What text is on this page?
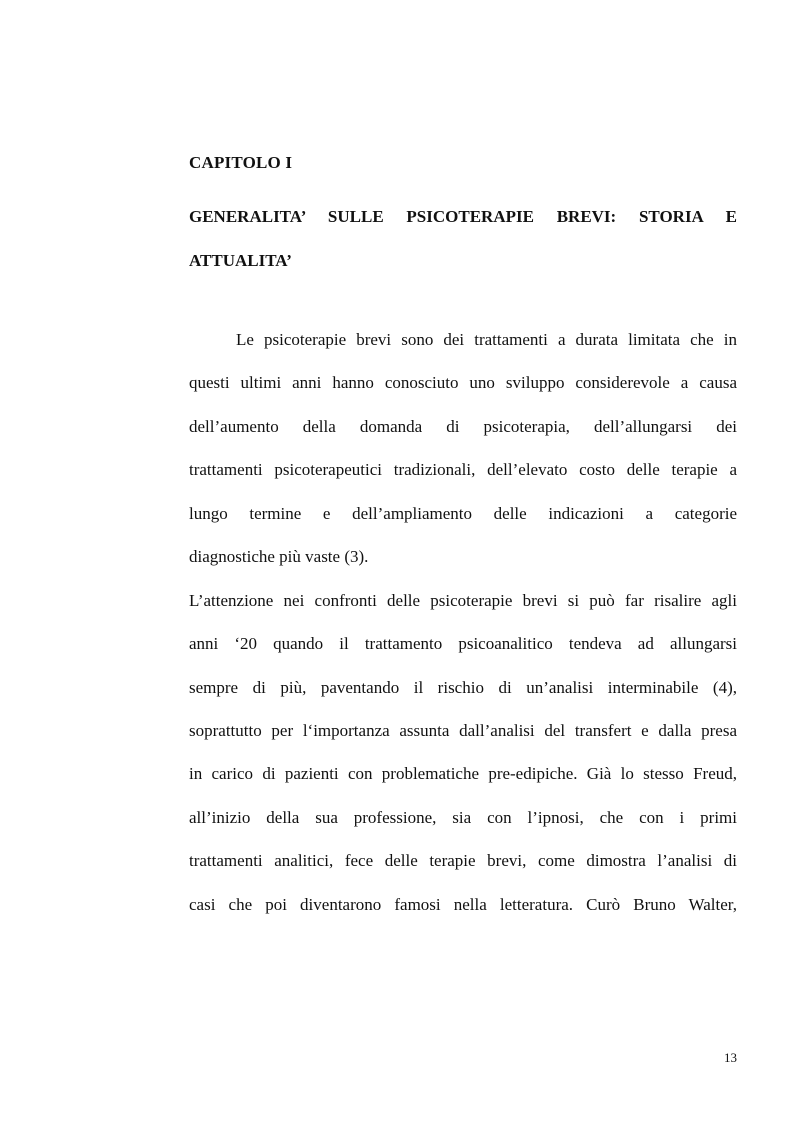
CAPITOLO I
GENERALITA’ SULLE PSICOTERAPIE BREVI: STORIA E ATTUALITA’
Le psicoterapie brevi sono dei trattamenti a durata limitata che in
questi ultimi anni hanno conosciuto uno sviluppo considerevole a causa
dell’aumento della domanda di psicoterapia, dell’allungarsi dei
trattamenti psicoterapeutici tradizionali, dell’elevato costo delle terapie a
lungo termine e dell’ampliamento delle indicazioni a categorie
diagnostiche più vaste (3).
L’attenzione nei confronti delle psicoterapie brevi si può far risalire agli
anni ‘20 quando il trattamento psicoanalitico tendeva ad allungarsi
sempre di più, paventando il rischio di un’analisi interminabile (4),
soprattutto per l‘importanza assunta dall’analisi del transfert e dalla presa
in carico di pazienti con problematiche pre-edipiche. Già lo stesso Freud,
all’inizio della sua professione, sia con l’ipnosi, che con i primi
trattamenti analitici, fece delle terapie brevi, come dimostra l’analisi di
casi che poi diventarono famosi nella letteratura. Curò Bruno Walter,
13
